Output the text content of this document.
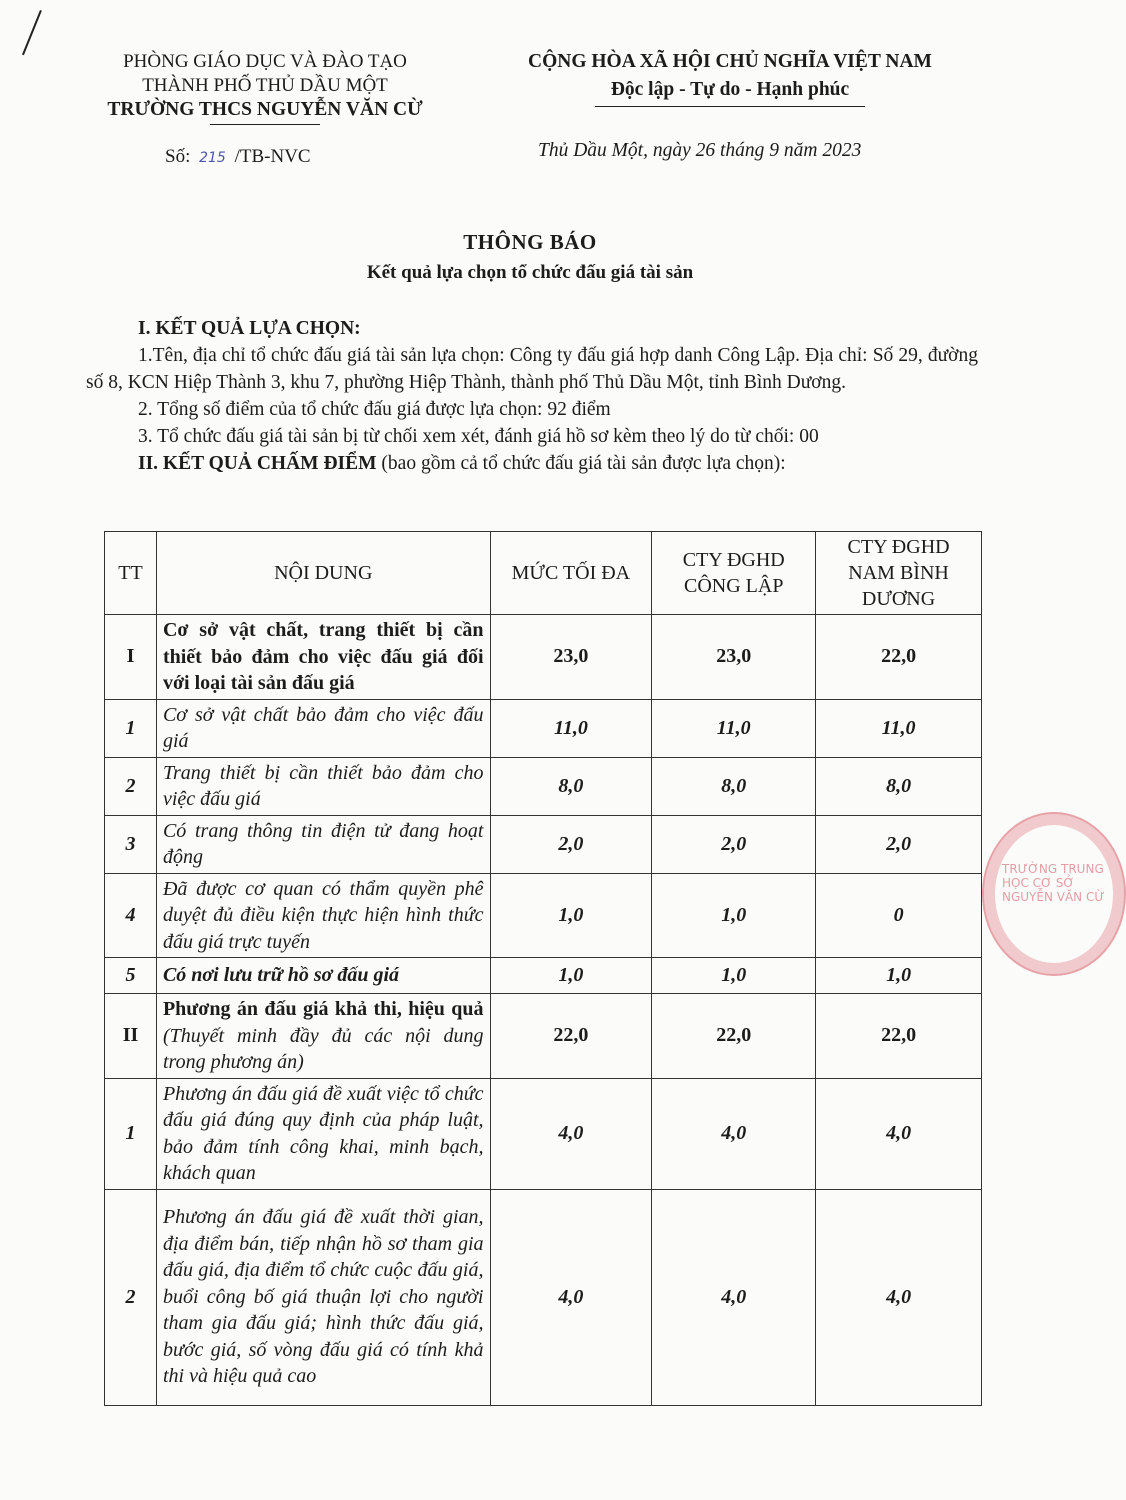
PHÒNG GIÁO DỤC VÀ ĐÀO TẠO
THÀNH PHỐ THỦ DẦU MỘT
TRƯỜNG THCS NGUYỄN VĂN CỪ
Số: 215 /TB-NVC
CỘNG HÒA XÃ HỘI CHỦ NGHĨA VIỆT NAM
Độc lập - Tự do - Hạnh phúc
Thủ Dầu Một, ngày 26 tháng 9 năm 2023
THÔNG BÁO
Kết quả lựa chọn tổ chức đấu giá tài sản

I. KẾT QUẢ LỰA CHỌN:

1.Tên, địa chỉ tổ chức đấu giá tài sản lựa chọn: Công ty đấu giá hợp danh Công Lập. Địa chỉ: Số 29, đường số 8, KCN Hiệp Thành 3, khu 7, phường Hiệp Thành, thành phố Thủ Dầu Một, tỉnh Bình Dương.

2. Tổng số điểm của tổ chức đấu giá được lựa chọn: 92 điểm

3. Tổ chức đấu giá tài sản bị từ chối xem xét, đánh giá hồ sơ kèm theo lý do từ chối: 00

II. KẾT QUẢ CHẤM ĐIỂM (bao gồm cả tổ chức đấu giá tài sản được lựa chọn):

TT	NỘI DUNG	MỨC TỐI ĐA	CTY ĐGHD CÔNG LẬP	CTY ĐGHD NAM BÌNH DƯƠNG
I	Cơ sở vật chất, trang thiết bị cần thiết bảo đảm cho việc đấu giá đối với loại tài sản đấu giá	23,0	23,0	22,0
1	Cơ sở vật chất bảo đảm cho việc đấu giá	11,0	11,0	11,0
2	Trang thiết bị cần thiết bảo đảm cho việc đấu giá	8,0	8,0	8,0
3	Có trang thông tin điện tử đang hoạt động	2,0	2,0	2,0
4	Đã được cơ quan có thẩm quyền phê duyệt đủ điều kiện thực hiện hình thức đấu giá trực tuyến	1,0	1,0	0
5	Có nơi lưu trữ hồ sơ đấu giá	1,0	1,0	1,0
II	Phương án đấu giá khả thi, hiệu quả (Thuyết minh đầy đủ các nội dung trong phương án)	22,0	22,0	22,0
1	Phương án đấu giá đề xuất việc tổ chức đấu giá đúng quy định của pháp luật, bảo đảm tính công khai, minh bạch, khách quan	4,0	4,0	4,0
2	Phương án đấu giá đề xuất thời gian, địa điểm bán, tiếp nhận hồ sơ tham gia đấu giá, địa điểm tổ chức cuộc đấu giá, buổi công bố giá thuận lợi cho người tham gia đấu giá; hình thức đấu giá, bước giá, số vòng đấu giá có tính khả thi và hiệu quả cao	4,0	4,0	4,0
TRƯỜNG TRUNG HỌC CƠ SỞ NGUYỄN VĂN CỪ
